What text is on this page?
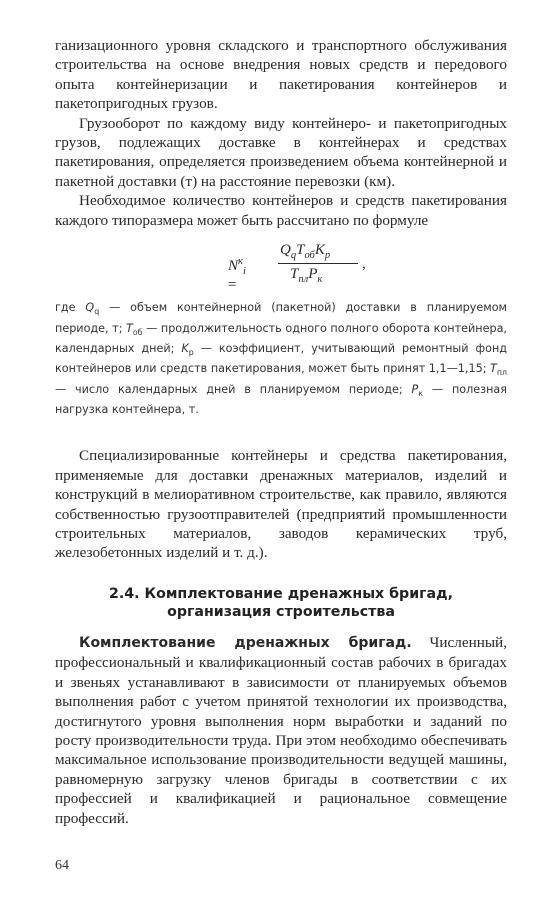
ганизационного уровня складского и транспортного обслуживания строительства на основе внедрения новых средств и передового опыта контейнеризации и пакетирования контейнеров и пакетопригодных грузов.

Грузооборот по каждому виду контейнеро- и пакетопригодных грузов, подлежащих доставке в контейнерах и средствах пакетирования, определяется произведением объема контейнерной и пакетной доставки (т) на расстояние перевозки (км).

Необходимое количество контейнеров и средств пакетирования каждого типоразмера может быть рассчитано по формуле

$N^к_i$ =
$Q_qT_{об}K_р$
$T_{пл}P_к$
,

где $Q_q$ — объем контейнерной (пакетной) доставки в планируемом периоде, т; $T_{об}$ — продолжительность одного полного оборота контейнера, календарных дней; $K_р$ — коэффициент, учитывающий ремонтный фонд контейнеров или средств пакетирования, может быть принят 1,1—1,15; $T_{пл}$ — число календарных дней в планируемом периоде; $P_к$ — полезная нагрузка контейнера, т.

Специализированные контейнеры и средства пакетирования, применяемые для доставки дренажных материалов, изделий и конструкций в мелиоративном строительстве, как правило, являются собственностью грузоотправителей (предприятий промышленности строительных материалов, заводов керамических труб, железобетонных изделий и т. д.).

2.4. Комплектование дренажных бригад,
организация строительства

Комплектование дренажных бригад. Численный, профессиональный и квалификационный состав рабочих в бригадах и звеньях устанавливают в зависимости от планируемых объемов выполнения работ с учетом принятой технологии их производства, достигнутого уровня выполнения норм выработки и заданий по росту производительности труда. При этом необходимо обеспечивать максимальное использование производительности ведущей машины, равномерную загрузку членов бригады в соответствии с их профессией и квалификацией и рациональное совмещение профессий.

64
